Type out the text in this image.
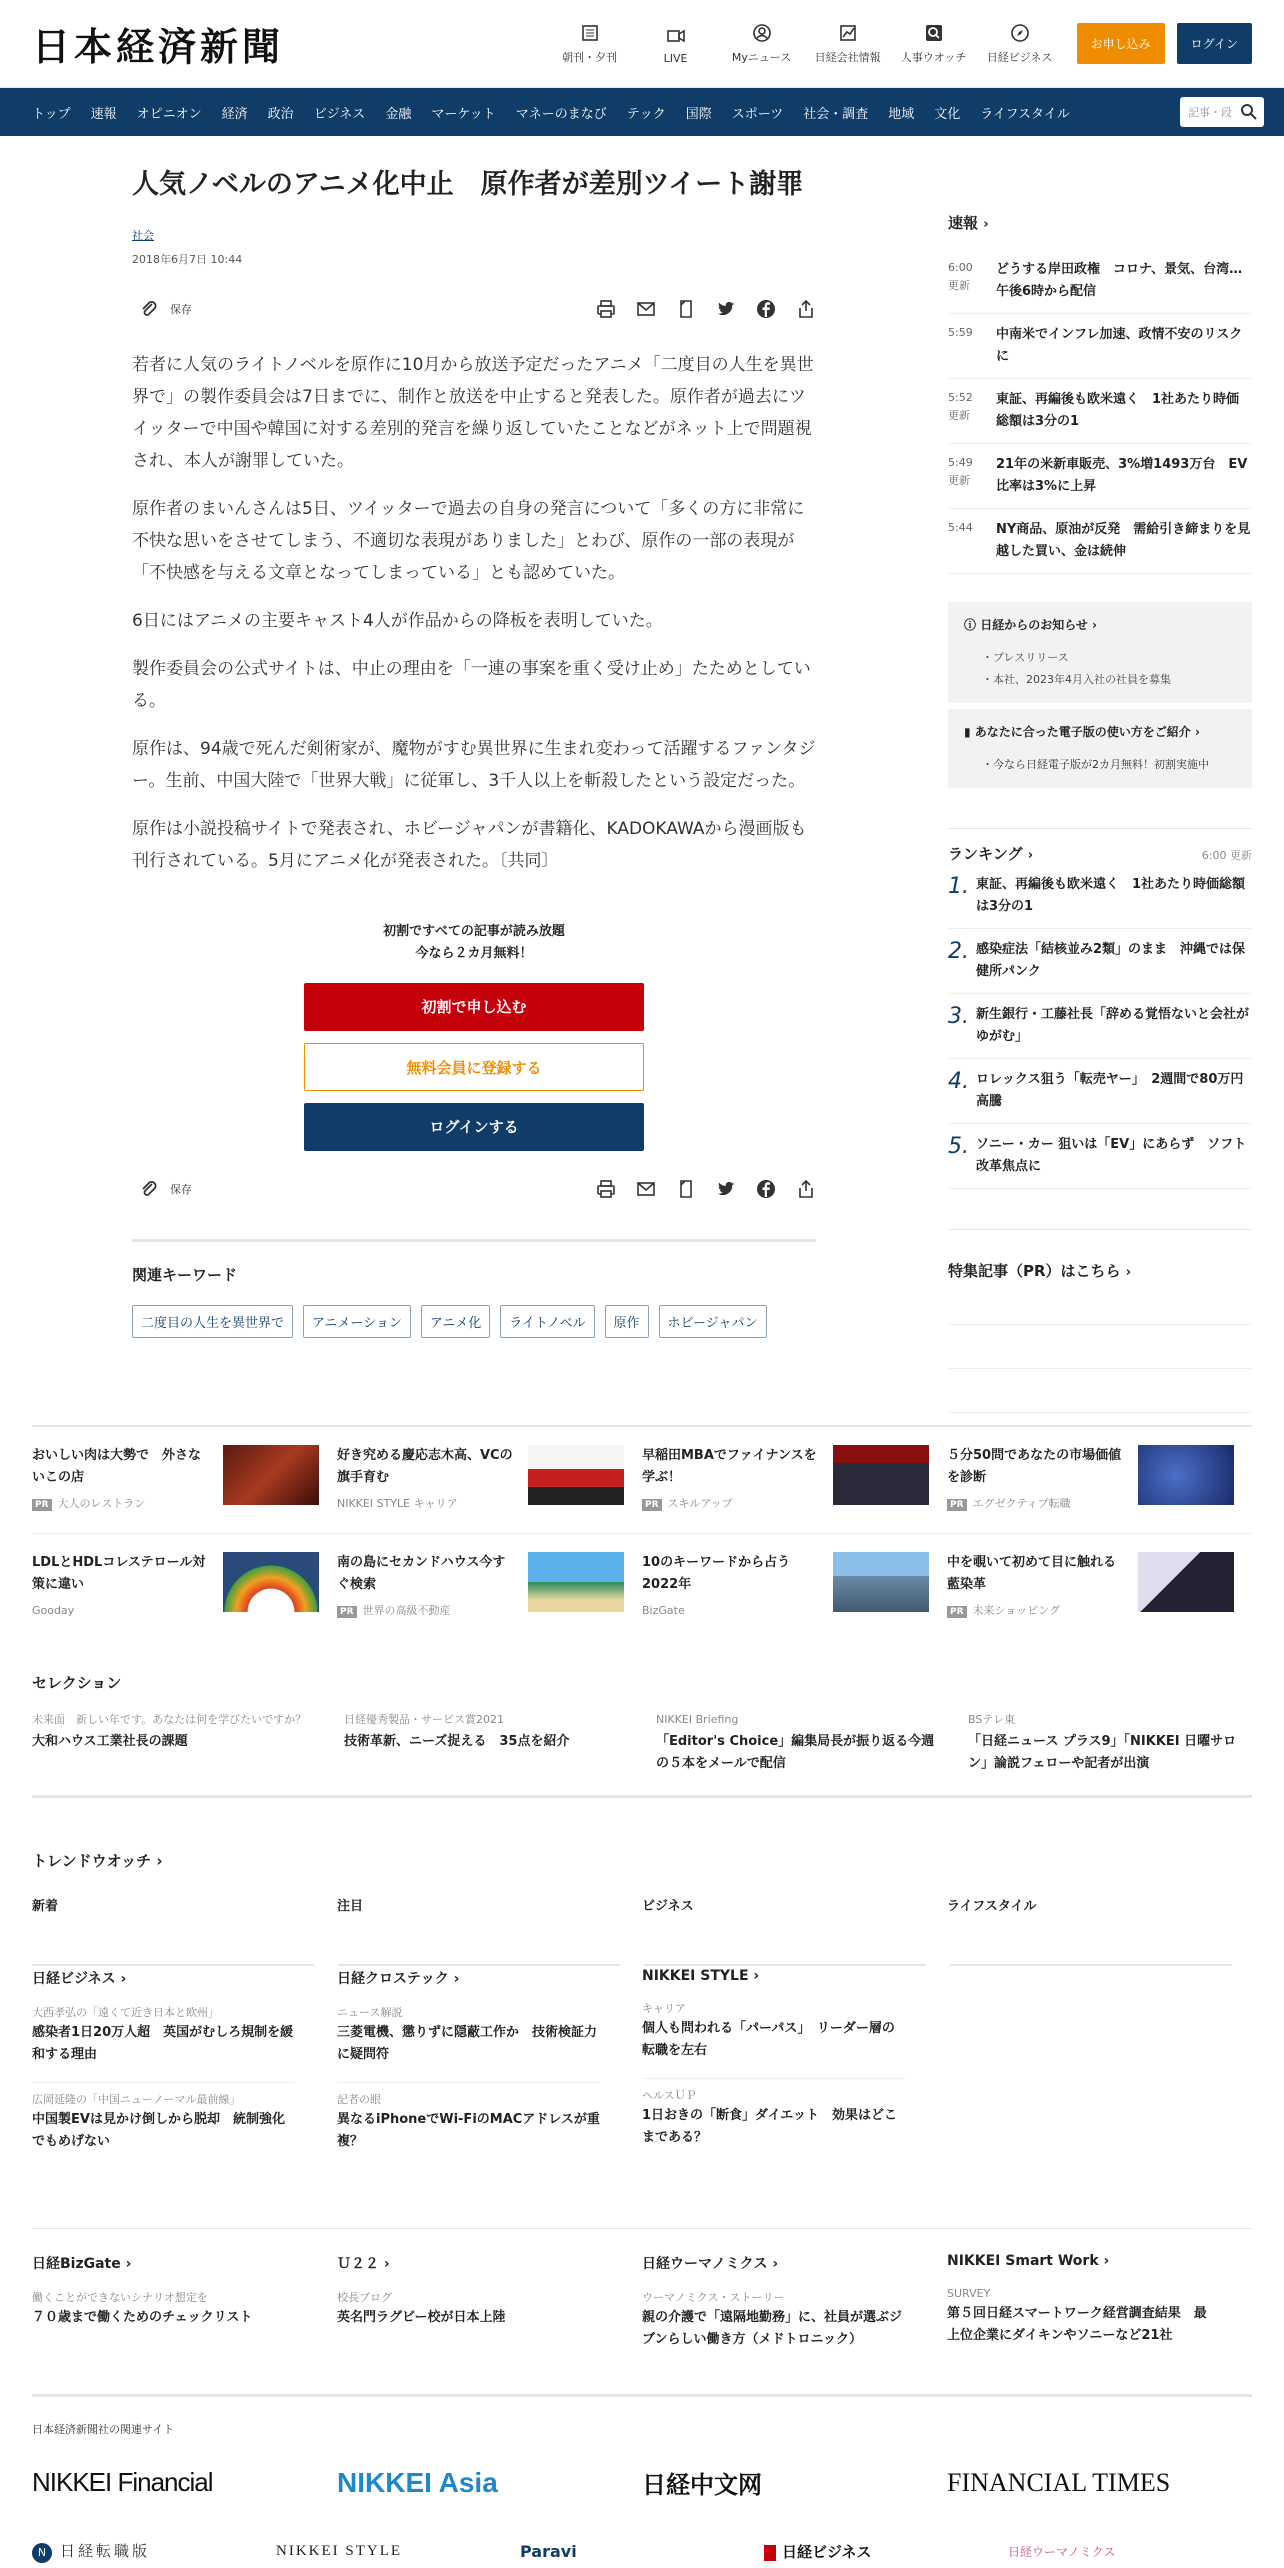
日本経済新聞	朝刊・夕刊	LIVE	Myニュース	日経会社情報	人事ウオッチ	日経ビジネス
お申し込み	ログイン
トップ 速報 オピニオン 経済 政治 ビジネス 金融 マーケット マネーのまなび テック 国際 スポーツ 社会・調査 地域 文化 ライフスタイル	記事・段
人気ノベルのアニメ化中止　原作者が差別ツイート謝罪
社会
2018年6月7日 10:44
保存

若者に人気のライトノベルを原作に10月から放送予定だったアニメ「二度目の人生を異世界で」の製作委員会は7日までに、制作と放送を中止すると発表した。原作者が過去にツイッターで中国や韓国に対する差別的発言を繰り返していたことなどがネット上で問題視され、本人が謝罪していた。

原作者のまいんさんは5日、ツイッターで過去の自身の発言について「多くの方に非常に不快な思いをさせてしまう、不適切な表現がありました」とわび、原作の一部の表現が「不快感を与える文章となってしまっている」とも認めていた。

6日にはアニメの主要キャスト4人が作品からの降板を表明していた。

製作委員会の公式サイトは、中止の理由を「一連の事案を重く受け止め」たためとしている。

原作は、94歳で死んだ剣術家が、魔物がすむ異世界に生まれ変わって活躍するファンタジー。生前、中国大陸で「世界大戦」に従軍し、3千人以上を斬殺したという設定だった。

原作は小説投稿サイトで発表され、ホビージャパンが書籍化、KADOKAWAから漫画版も刊行されている。5月にアニメ化が発表された。〔共同〕

初割ですべての記事が読み放題
今なら２カ月無料！
初割で申し込む
無料会員に登録する
ログインする
保存
関連キーワード
二度目の人生を異世界で	アニメーション	アニメ化	ライトノベル	原作	ホビージャパン
速報 ›
6:00
更新
どうする岸田政権　コロナ、景気、台湾…午後6時から配信
5:59	中南米でインフレ加速、政情不安のリスクに
5:52
更新
東証、再編後も欧米遠く　1社あたり時価総額は3分の1
5:49
更新
21年の米新車販売、3%増1493万台　EV比率は3%に上昇
5:44	NY商品、原油が反発　需給引き締まりを見越した買い、金は続伸
ⓘ 日経からのお知らせ ›
・プレスリリース
・本社、2023年4月入社の社員を募集
▮ あなたに合った電子版の使い方をご紹介 ›
・今なら日経電子版が2カ月無料！初割実施中
ランキング ›	6:00 更新
1. 東証、再編後も欧米遠く　1社あたり時価総額は3分の1
2. 感染症法「結核並み2類」のまま　沖縄では保健所パンク
3. 新生銀行・工藤社長「辞める覚悟ないと会社がゆがむ」
4. ロレックス狙う「転売ヤー」　2週間で80万円高騰
5. ソニー・カー 狙いは「EV」にあらず　ソフト改革焦点に
特集記事（PR）はこちら ›
おいしい肉は大勢で　外さないこの店
PR 大人のレストラン
好き究める慶応志木高、VCの旗手育む
NIKKEI STYLE キャリア
早稲田MBAでファイナンスを学ぶ！
PR スキルアップ
５分50問であなたの市場価値を診断
PR エグゼクティブ転職
LDLとHDLコレステロール対策に違い
Gooday
南の島にセカンドハウス今すぐ検索
PR 世界の高級不動産
10のキーワードから占う2022年
BizGate
中を覗いて初めて目に触れる藍染革
PR 未来ショッピング
セレクション
未来面　新しい年です。あなたは何を学びたいですか？
大和ハウス工業社長の課題
日経優秀製品・サービス賞2021
技術革新、ニーズ捉える　35点を紹介
NIKKEI Briefing
「Editor's Choice」編集局長が振り返る今週の５本をメールで配信
BSテレ東
「日経ニュース プラス9」「NIKKEI 日曜サロン」論説フェローや記者が出演
トレンドウオッチ ›
新着	注目	ビジネス	ライフスタイル
日経ビジネス ›
大西孝弘の「遠くて近き日本と欧州」
感染者1日20万人超　英国がむしろ規制を緩和する理由
広岡延隆の「中国ニューノーマル最前線」
中国製EVは見かけ倒しから脱却　統制強化でもめげない
日経クロステック ›
ニュース解説
三菱電機、懲りずに隠蔽工作か　技術検証力に疑問符
記者の眼
異なるiPhoneでWi-FiのMACアドレスが重複？
NIKKEI STYLE ›
キャリア
個人も問われる「パーパス」　リーダー層の転職を左右
ヘルスＵＰ
1日おきの「断食」ダイエット　効果はどこまである？
日経BizGate ›
働くことができないシナリオ想定を
７０歳まで働くためのチェックリスト
Ｕ２２ ›
校長ブログ
英名門ラグビー校が日本上陸
日経ウーマノミクス ›
ウーマノミクス・ストーリー
親の介護で「遠隔地勤務」に、社員が選ぶジブンらしい働き方（メドトロニック）
NIKKEI Smart Work ›
SURVEY
第５回日経スマートワーク経営調査結果　最上位企業にダイキンやソニーなど21社
日本経済新聞社の関連サイト
NIKKEI Financial	NIKKEI Asia	日経中文网	FINANCIAL TIMES
N 日経転職版	NIKKEI STYLE	Paravi	日経ビジネス	日経ウーマノミクス
